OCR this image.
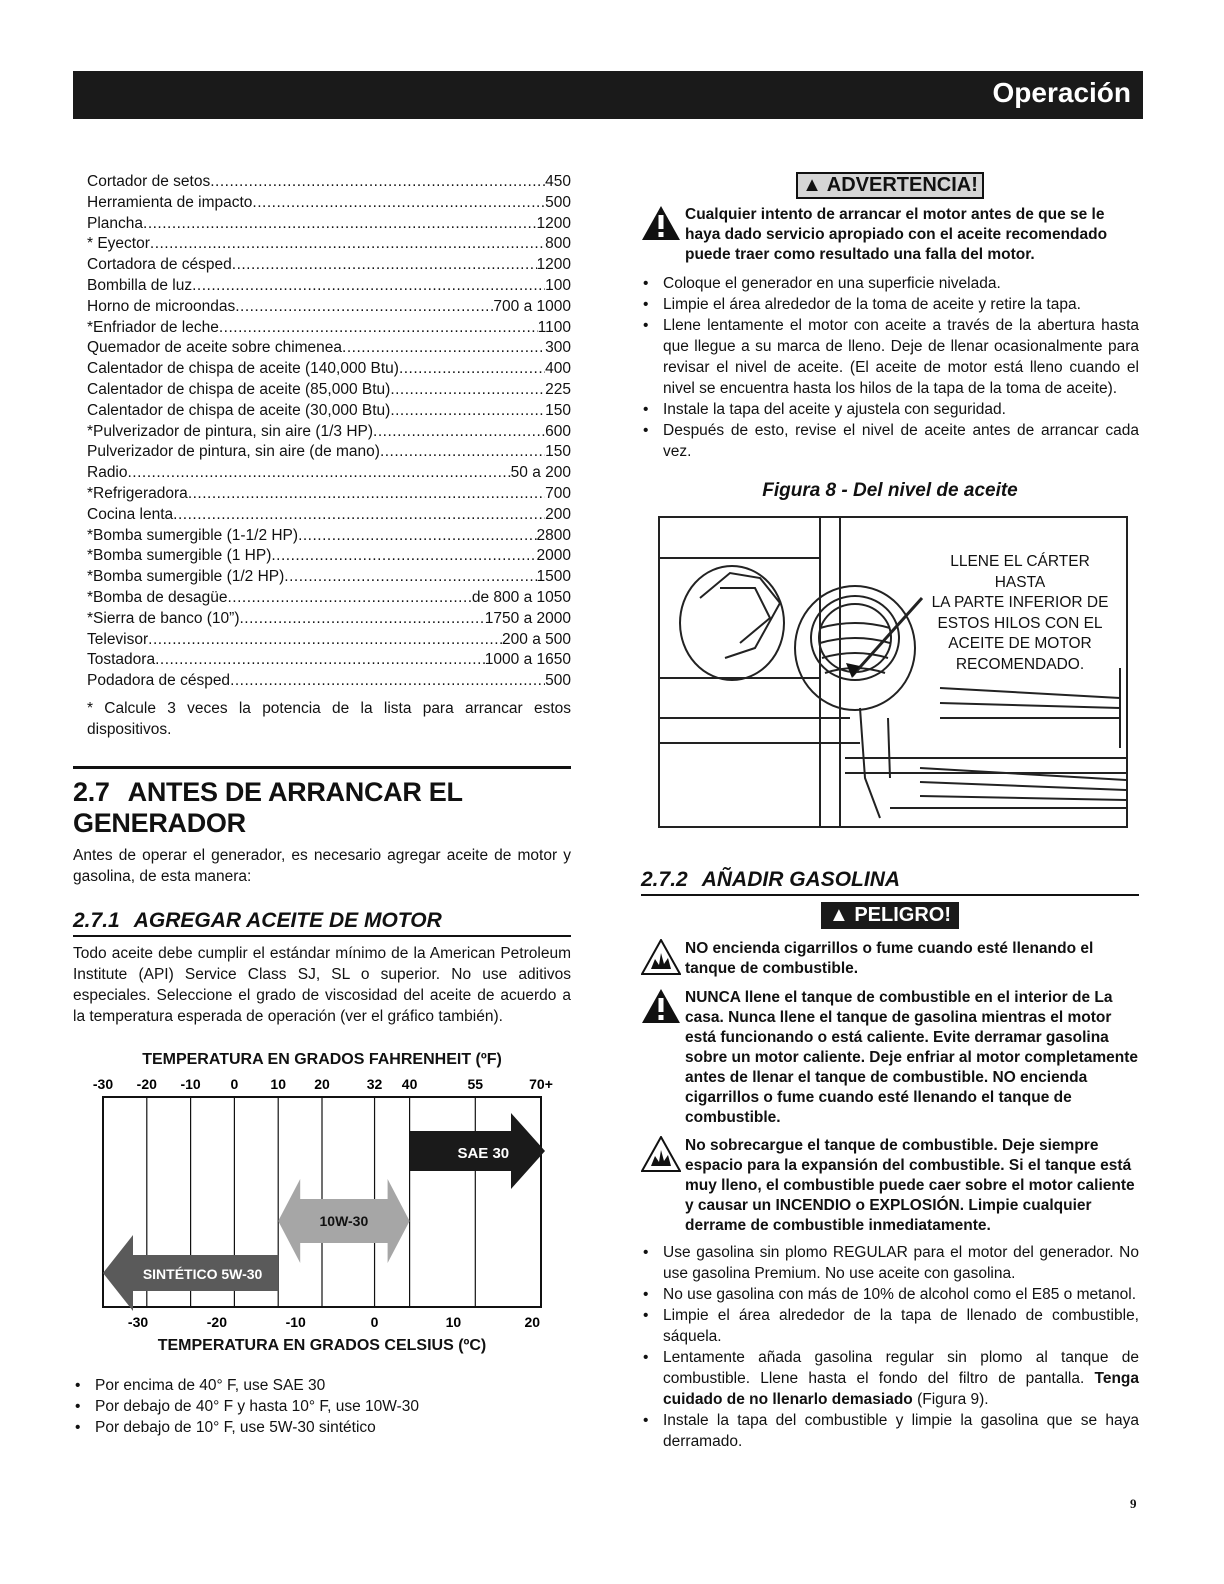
Operación
Cortador de setos .....	450
Herramienta de impacto .....	500
Plancha .....	1200
* Eyector .....	800
Cortadora de césped .....	1200
Bombilla de luz .....	100
Horno de microondas .....	700 a 1000
*Enfriador de leche .....	1100
Quemador de aceite sobre chimenea .....	300
Calentador de chispa de aceite (140,000 Btu) .....	400
Calentador de chispa de aceite (85,000 Btu) .....	225
Calentador de chispa de aceite (30,000 Btu) .....	150
*Pulverizador de pintura, sin aire (1/3 HP) .....	600
Pulverizador de pintura, sin aire (de mano) .....	150
Radio .....	50 a 200
*Refrigeradora .....	700
Cocina lenta .....	200
*Bomba sumergible (1-1/2 HP) .....	2800
*Bomba sumergible (1 HP) .....	2000
*Bomba sumergible (1/2 HP) .....	1500
*Bomba de desagüe .....	de 800 a 1050
*Sierra de banco (10”) .....	1750 a 2000
Televisor .....	200 a 500
Tostadora .....	1000 a 1650
Podadora de césped .....	500
* Calcule 3 veces la potencia de la lista para arrancar estos dispositivos.
2.7 ANTES DE ARRANCAR EL GENERADOR

Antes de operar el generador, es necesario agregar aceite de motor y gasolina, de esta manera:

2.7.1 AGREGAR ACEITE DE MOTOR

Todo aceite debe cumplir el estándar mínimo de la American Petroleum Institute (API) Service Class SJ, SL o superior. No use aditivos especiales. Seleccione el grado de viscosidad del aceite de acuerdo a la temperatura esperada de operación (ver el gráfico también).

TEMPERATURA EN GRADOS FAHRENHEIT (ºF)
-30 -20 -10 0 10 20	32 40	55	70+
-30	-20	-10	0	10	20
SAE 30
10W-30
SINTÉTICO 5W-30
TEMPERATURA EN GRADOS CELSIUS (ºC)
• Por encima de 40° F, use SAE 30
• Por debajo de 40° F y hasta 10° F, use 10W-30
• Por debajo de 10° F, use 5W-30 sintético
▲ ADVERTENCIA!
Cualquier intento de arrancar el motor antes de que se le haya dado servicio apropiado con el aceite recomendado puede traer como resultado una falla del motor.
• Coloque el generador en una superficie nivelada.
• Limpie el área alrededor de la toma de aceite y retire la tapa.
• Llene lentamente el motor con aceite a través de la abertura hasta que llegue a su marca de lleno. Deje de llenar ocasionalmente para revisar el nivel de aceite. (El aceite de motor está lleno cuando el nivel se encuentra hasta los hilos de la tapa de la toma de aceite).
• Instale la tapa del aceite y ajustela con seguridad.
• Después de esto, revise el nivel de aceite antes de arrancar cada vez.
Figura 8 - Del nivel de aceite
LLENE EL CÁRTER HASTA
LA PARTE INFERIOR DE
ESTOS HILOS CON EL
ACEITE DE MOTOR
RECOMENDADO.
2.7.2 AÑADIR GASOLINA
▲ PELIGRO!
NO encienda cigarrillos o fume cuando esté llenando el tanque de combustible.
NUNCA llene el tanque de combustible en el interior de La casa. Nunca llene el tanque de gasolina mientras el motor está funcionando o está caliente. Evite derramar gasolina sobre un motor caliente. Deje enfriar al motor completamente antes de llenar el tanque de combustible. NO encienda cigarrillos o fume cuando esté llenando el tanque de combustible.
No sobrecargue el tanque de combustible. Deje siempre espacio para la expansión del combustible. Si el tanque está muy lleno, el combustible puede caer sobre el motor caliente y causar un INCENDIO o EXPLOSIÓN. Limpie cualquier derrame de combustible inmediatamente.
• Use gasolina sin plomo REGULAR para el motor del generador. No use gasolina Premium. No use aceite con gasolina.
• No use gasolina con más de 10% de alcohol como el E85 o metanol.
• Limpie el área alrededor de la tapa de llenado de combustible, sáquela.
• Lentamente añada gasolina regular sin plomo al tanque de combustible. Llene hasta el fondo del filtro de pantalla. Tenga cuidado de no llenarlo demasiado (Figura 9).
• Instale la tapa del combustible y limpie la gasolina que se haya derramado.
9
